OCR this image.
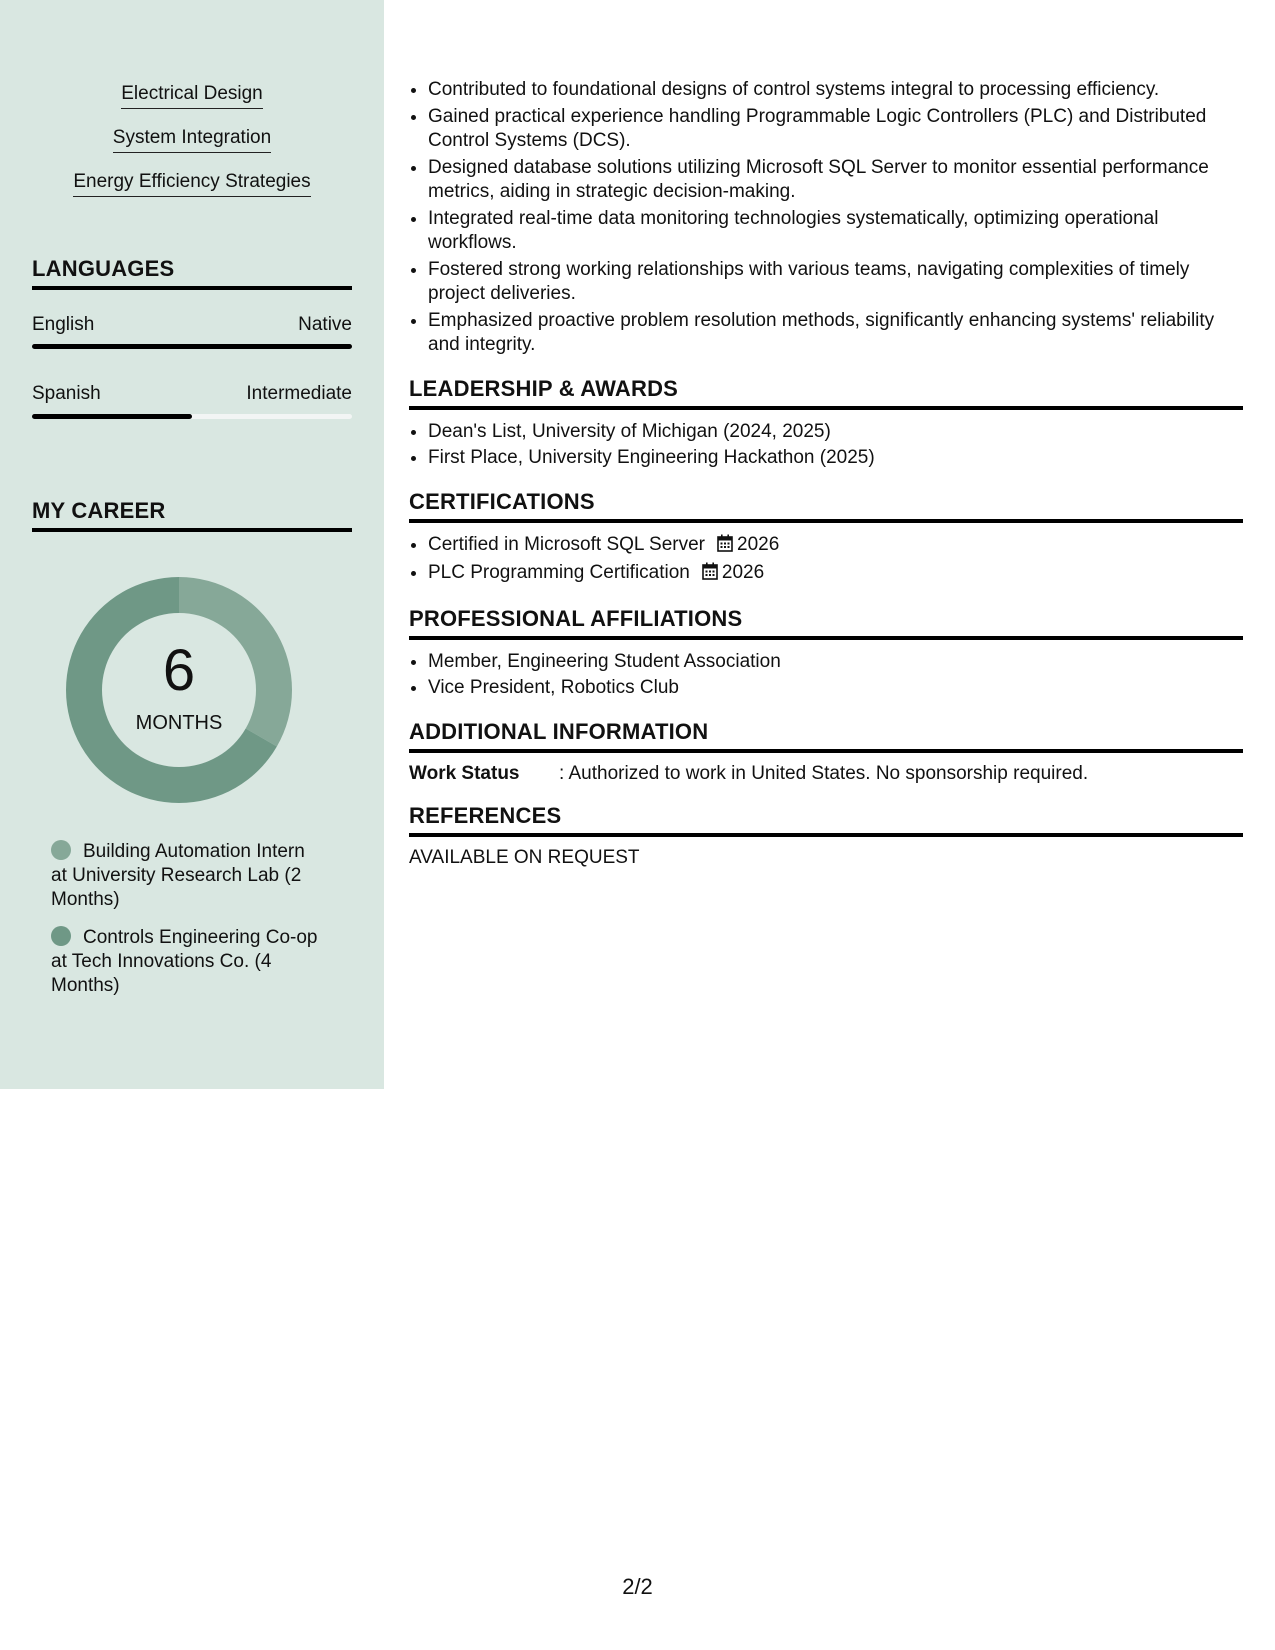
Electrical Design
System Integration
Energy Efficiency Strategies
LANGUAGES
English	Native
Spanish	Intermediate
MY CAREER
6
MONTHS
Building Automation Intern at University Research Lab (2 Months)
Controls Engineering Co-op at Tech Innovations Co. (4 Months)
• Contributed to foundational designs of control systems integral to processing efficiency.
• Gained practical experience handling Programmable Logic Controllers (PLC) and Distributed Control Systems (DCS).
• Designed database solutions utilizing Microsoft SQL Server to monitor essential performance metrics, aiding in strategic decision-making.
• Integrated real-time data monitoring technologies systematically, optimizing operational workflows.
• Fostered strong working relationships with various teams, navigating complexities of timely project deliveries.
• Emphasized proactive problem resolution methods, significantly enhancing systems' reliability and integrity.
LEADERSHIP & AWARDS
• Dean's List, University of Michigan (2024, 2025)
• First Place, University Engineering Hackathon (2025)
CERTIFICATIONS
• Certified in Microsoft SQL Server 2026
• PLC Programming Certification 2026
PROFESSIONAL AFFILIATIONS
• Member, Engineering Student Association
• Vice President, Robotics Club
ADDITIONAL INFORMATION
Work Status	: Authorized to work in United States. No sponsorship required.
REFERENCES
AVAILABLE ON REQUEST
2/2
